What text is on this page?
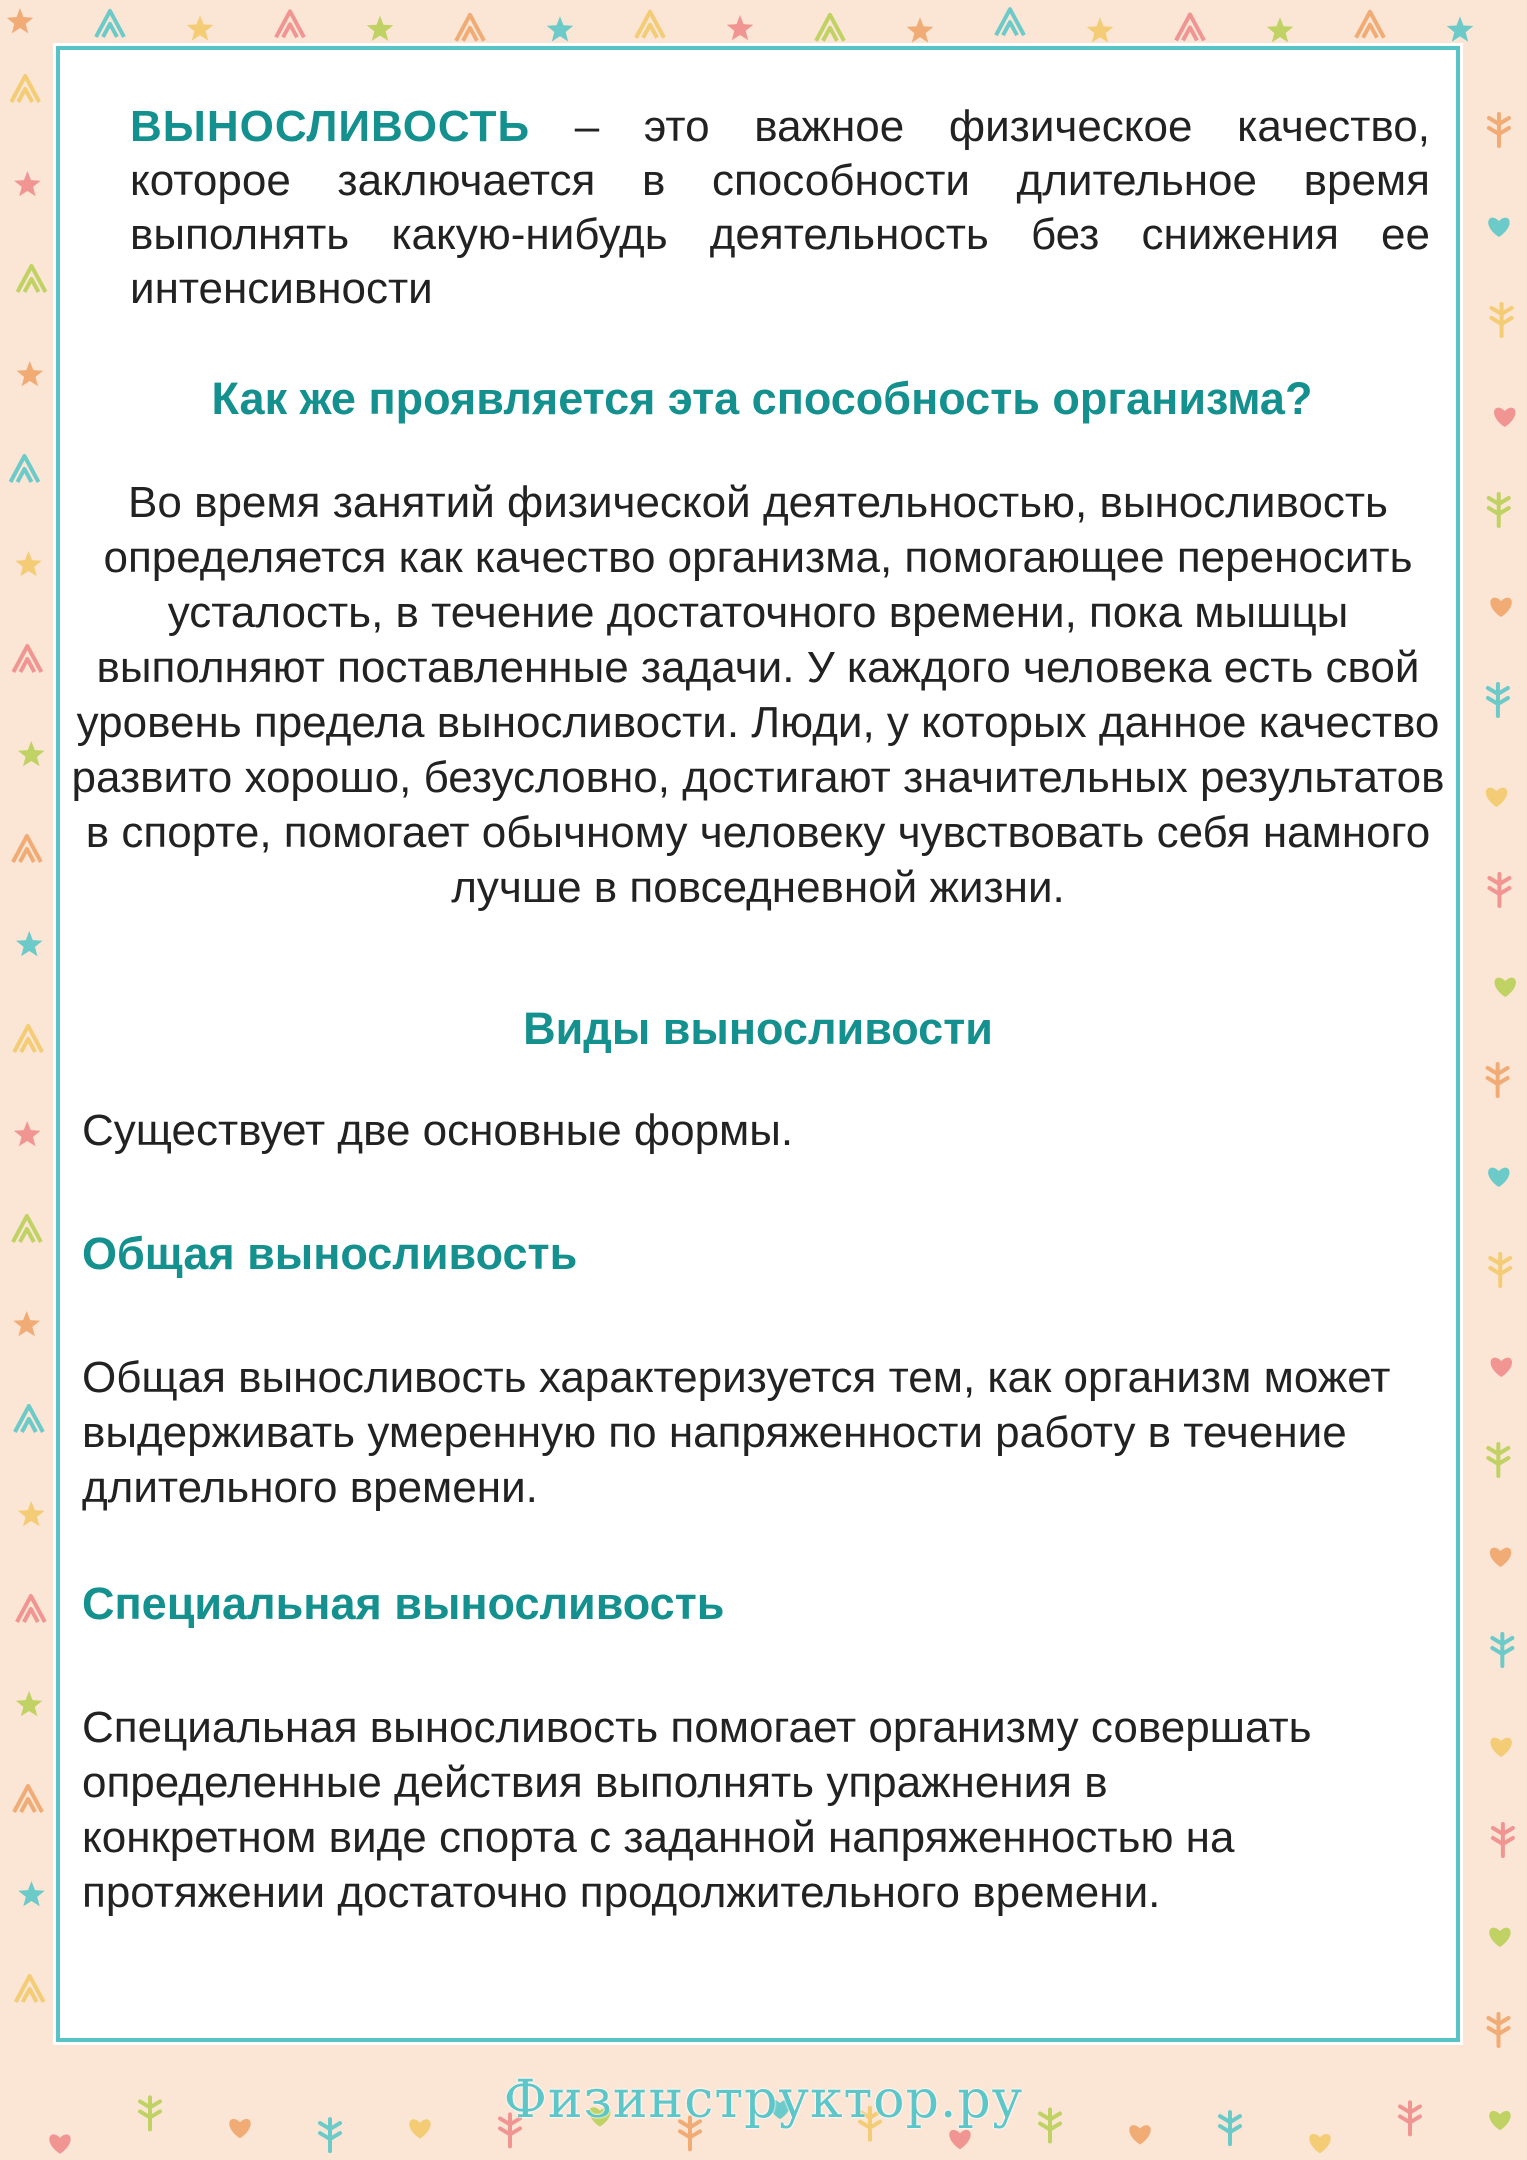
ВЫНОСЛИВОСТЬ – это важное физическое качество, которое заключается в способности длительное время выполнять какую-нибудь деятельность без снижения ее интенсивности

Как же проявляется эта способность организма?

Во время занятий физической деятельностью, выносливость определяется как качество организма, помогающее переносить усталость, в течение достаточного времени, пока мышцы выполняют поставленные задачи. У каждого человека есть свой уровень предела выносливости. Люди, у которых данное качество развито хорошо, безусловно, достигают значительных результатов в спорте, помогает обычному человеку чувствовать себя намного лучше в повседневной жизни.

Виды выносливости

Существует две основные формы.

Общая выносливость

Общая выносливость характеризуется тем, как организм может выдерживать умеренную по напряженности работу в течение длительного времени.

Специальная выносливость

Специальная выносливость помогает организму совершать определенные действия выполнять упражнения в конкретном виде спорта с заданной напряженностью на протяжении достаточно продолжительного времени.

Физинструктор.ру
